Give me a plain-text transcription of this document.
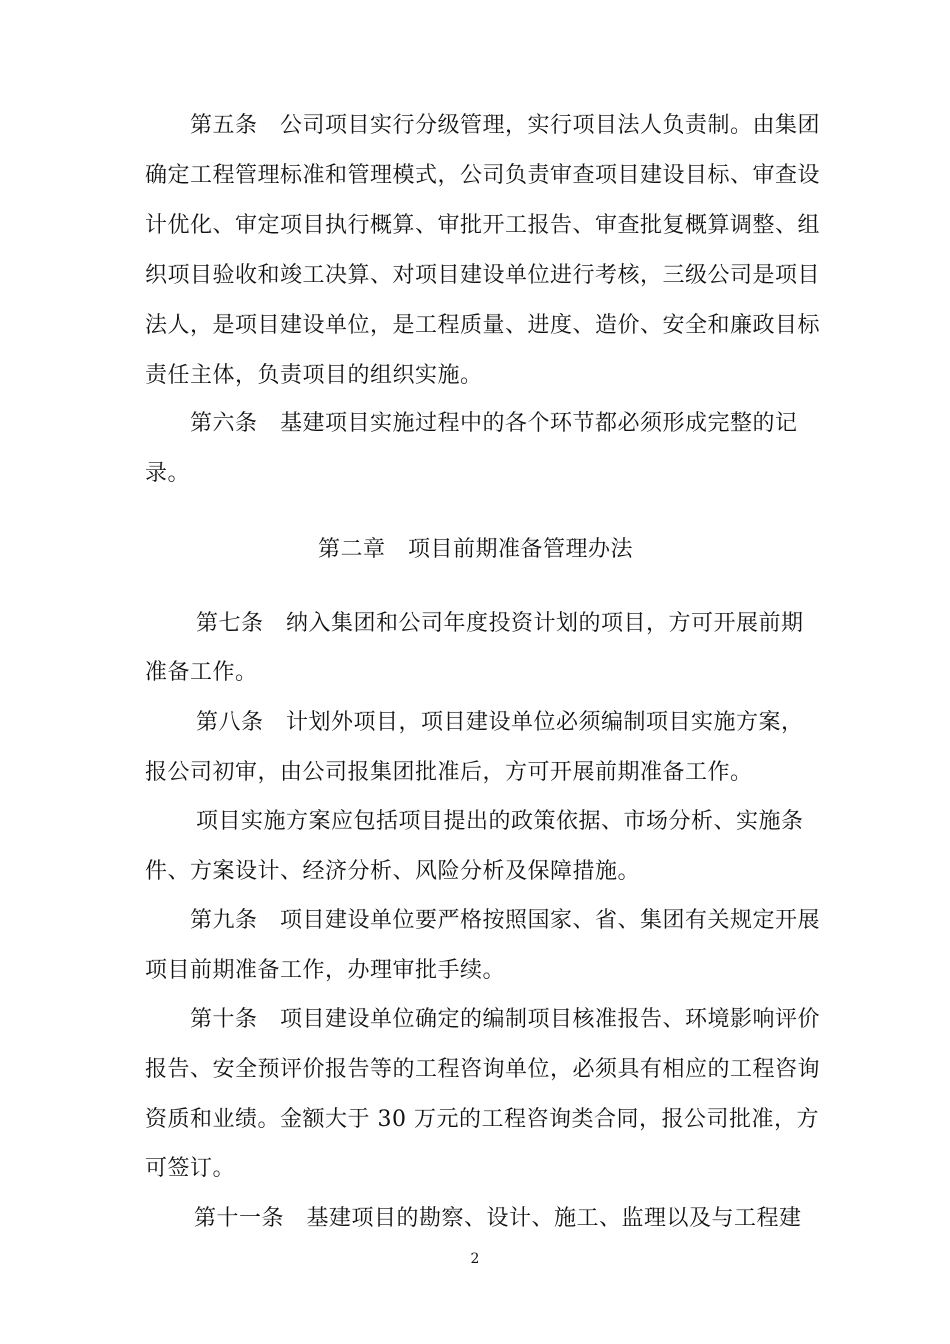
第五条　公司项目实行分级管理，实行项目法人负责制。由集团
确定工程管理标准和管理模式，公司负责审查项目建设目标、审查设
计优化、审定项目执行概算、审批开工报告、审查批复概算调整、组
织项目验收和竣工决算、对项目建设单位进行考核，三级公司是项目
法人，是项目建设单位，是工程质量、进度、造价、安全和廉政目标
责任主体，负责项目的组织实施。
第六条　基建项目实施过程中的各个环节都必须形成完整的记
录。
第二章　项目前期准备管理办法
第七条　纳入集团和公司年度投资计划的项目，方可开展前期
准备工作。
第八条　计划外项目，项目建设单位必须编制项目实施方案，
报公司初审，由公司报集团批准后，方可开展前期准备工作。
项目实施方案应包括项目提出的政策依据、市场分析、实施条
件、方案设计、经济分析、风险分析及保障措施。
第九条　项目建设单位要严格按照国家、省、集团有关规定开展
项目前期准备工作，办理审批手续。
第十条　项目建设单位确定的编制项目核准报告、环境影响评价
报告、安全预评价报告等的工程咨询单位，必须具有相应的工程咨询
资质和业绩。金额大于 30 万元的工程咨询类合同，报公司批准，方
可签订。
第十一条　基建项目的勘察、设计、施工、监理以及与工程建
2
